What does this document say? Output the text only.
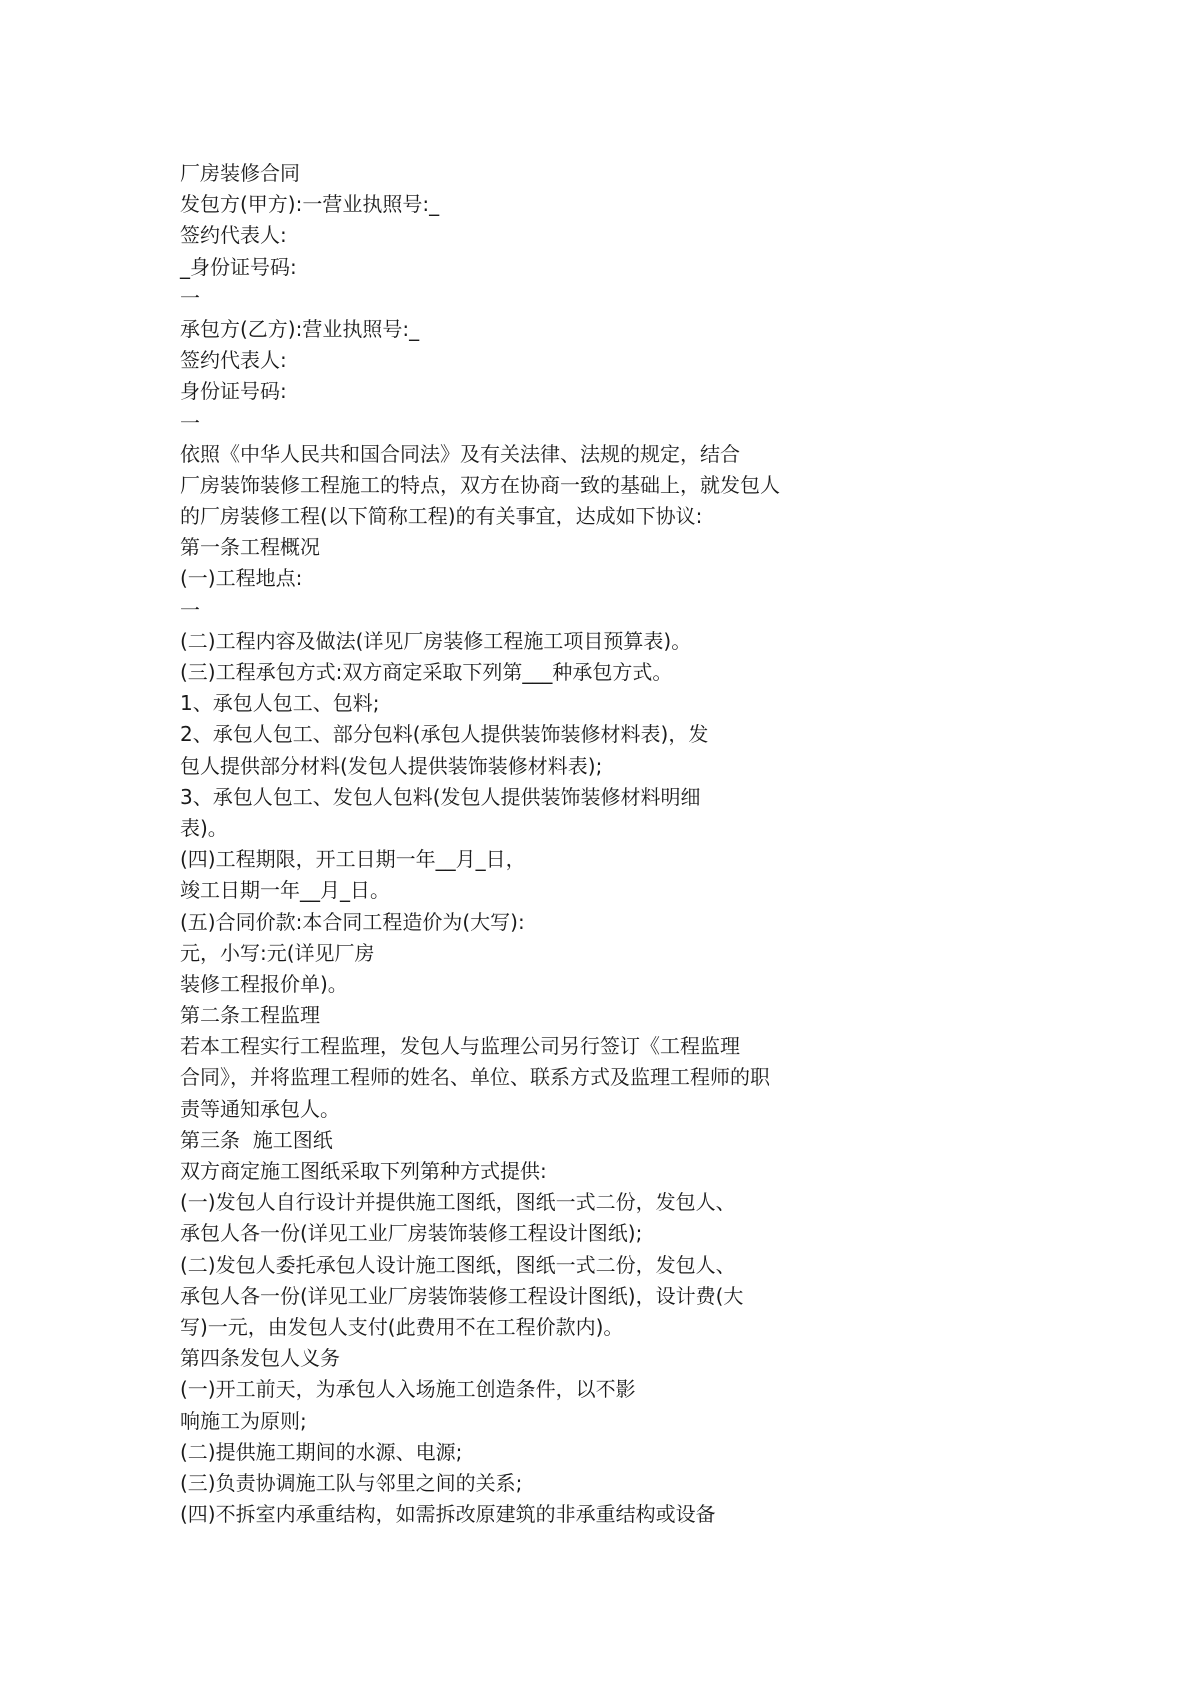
厂房装修合同

发包方(甲方):一营业执照号:_

签约代表人:

_身份证号码:

一

承包方(乙方):营业执照号:_

签约代表人:

身份证号码:

一

依照《中华人民共和国合同法》及有关法律、法规的规定，结合

厂房装饰装修工程施工的特点，双方在协商一致的基础上，就发包人

的厂房装修工程(以下简称工程)的有关事宜，达成如下协议:

第一条工程概况

(一)工程地点:

一

(二)工程内容及做法(详见厂房装修工程施工项目预算表)。

(三)工程承包方式:双方商定采取下列第___种承包方式。

1、承包人包工、包料;

2、承包人包工、部分包料(承包人提供装饰装修材料表)，发

包人提供部分材料(发包人提供装饰装修材料表);

3、承包人包工、发包人包料(发包人提供装饰装修材料明细

表)。

(四)工程期限，开工日期一年__月_日，

竣工日期一年__月_日。

(五)合同价款:本合同工程造价为(大写):

元，小写:元(详见厂房

装修工程报价单)。

第二条工程监理

若本工程实行工程监理，发包人与监理公司另行签订《工程监理

合同》，并将监理工程师的姓名、单位、联系方式及监理工程师的职

责等通知承包人。

第三条  施工图纸

双方商定施工图纸采取下列第种方式提供:

(一)发包人自行设计并提供施工图纸，图纸一式二份，发包人、

承包人各一份(详见工业厂房装饰装修工程设计图纸);

(二)发包人委托承包人设计施工图纸，图纸一式二份，发包人、

承包人各一份(详见工业厂房装饰装修工程设计图纸)，设计费(大

写)一元，由发包人支付(此费用不在工程价款内)。

第四条发包人义务

(一)开工前天，为承包人入场施工创造条件，以不影

响施工为原则;

(二)提供施工期间的水源、电源;

(三)负责协调施工队与邻里之间的关系;

(四)不拆室内承重结构，如需拆改原建筑的非承重结构或设备
